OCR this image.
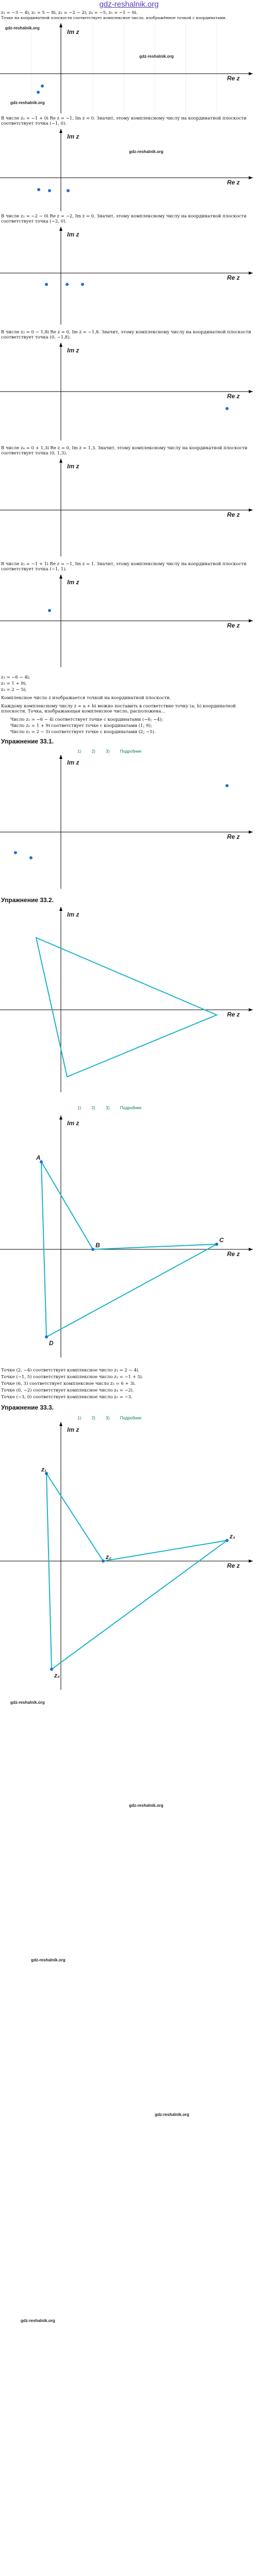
gdz-reshalnik.org
z₁ = −3 − 4i, z₂ = 5 − 8i, z₃ = −2 − 2i; z₄ = −5, z₅ = −1 − 6i.
Точке на координатной плоскости соответствует комплексное число, изображённое точкой с координатами.
Im z
Re z
gdz-reshalnik.org
gdz-reshalnik.org
gdz-reshalnik.org
В числе z₁ = −1 + 0i Re z = −1, Im z = 0. Значит, этому комплексному числу на координатной плоскости соответствует точка (−1, 0).
Im z
Re z
gdz-reshalnik.org
В числе z₂ = −2 − 0i Re z = −2, Im z = 0. Значит, этому комплексному числу на координатной плоскости соответствует точка (−2, 0).
Im z
Re z
В числе z₃ = 0 − 1,8i Re z = 0, Im z = −1,8. Значит, этому комплексному числу на координатной плоскости соответствует точка (0, −1,8).
Im z
Re z
В числе z₄ = 0 + 1,3i Re z = 0, Im z = 1,3. Значит, этому комплексному числу на координатной плоскости соответствует точка (0, 1,3).
Im z
Re z
В числе z₅ = −1 + 1i Re z = −1, Im z = 1. Значит, этому комплексному числу на координатной плоскости соответствует точка (−1, 1).
Im z
Re z
z₁ = −6 − 4i;
z₂ = 1 + 9i;
z₃ = 2 − 5i;
Комплексное число z изображается точкой на координатной плоскости.
Каждому комплексному числу z = a + bi можно поставить в соответствие точку (a; b) координатной плоскости. Точка, изображающая комплексное число, расположена...
Число z₁ = −6 − 4i соответствует точке с координатами (−6; −4);
Число z₂ = 1 + 9i соответствует точке с координатами (1; 9);
Число z₃ = 2 − 5i соответствует точке с координатами (2; −5).
Упражнение 33.1.
1)	2)	3)	Подробнее
Im z
Re z
Упражнение 33.2.
Im z
Re z
1)	2)	3)	Подробнее
Im z
Re z
A
B
C
D
Точке (2, −4) соответствует комплексное число z₁ = 2 − 4i.
Точке (−1, 5) соответствует комплексное число z₂ = −1 + 5i.
Точке (6, 3) соответствует комплексное число z₃ = 6 + 3i.
Точке (0, −2) соответствует комплексное число z₄ = −2i.
Точке (−3, 0) соответствует комплексное число z₅ = −3.
Упражнение 33.3.
1)	2)	3)	Подробнее
Im z
Re z
z₁
z₂
z₃
z₄
gdz-reshalnik.org
gdz-reshalnik.org
gdz-reshalnik.org
gdz-reshalnik.org
gdz-reshalnik.org
